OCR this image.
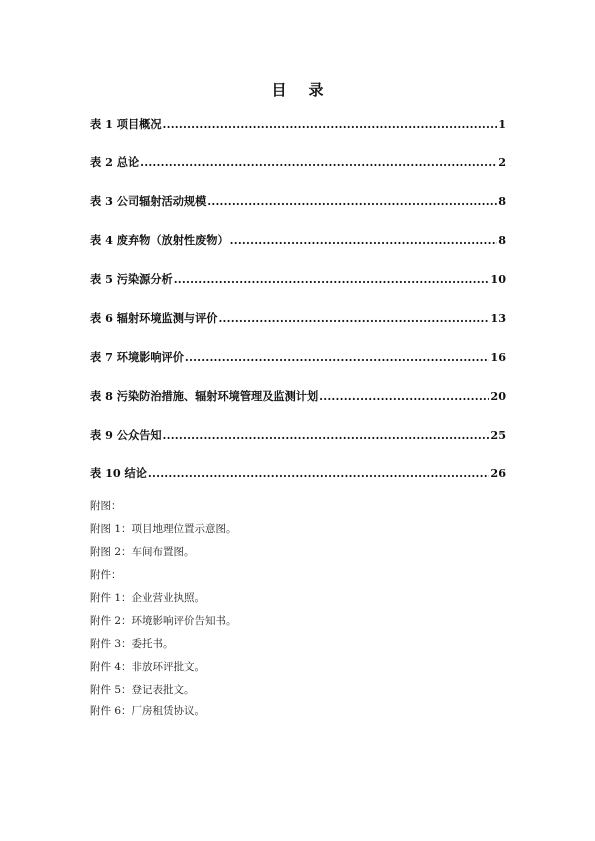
目 录
表 1 项目概况 .....	1
表 2 总论 .....	2
表 3 公司辐射活动规模 .....	8
表 4 废弃物（放射性废物） .....	8
表 5 污染源分析 .....	10
表 6 辐射环境监测与评价 .....	13
表 7 环境影响评价 .....	16
表 8 污染防治措施、辐射环境管理及监测计划 .....	20
表 9 公众告知 .....	25
表 10 结论 .....	26
附图：
附图 1：项目地理位置示意图。
附图 2：车间布置图。
附件：
附件 1：企业营业执照。
附件 2：环境影响评价告知书。
附件 3：委托书。
附件 4：非放环评批文。
附件 5：登记表批文。
附件 6：厂房租赁协议。
